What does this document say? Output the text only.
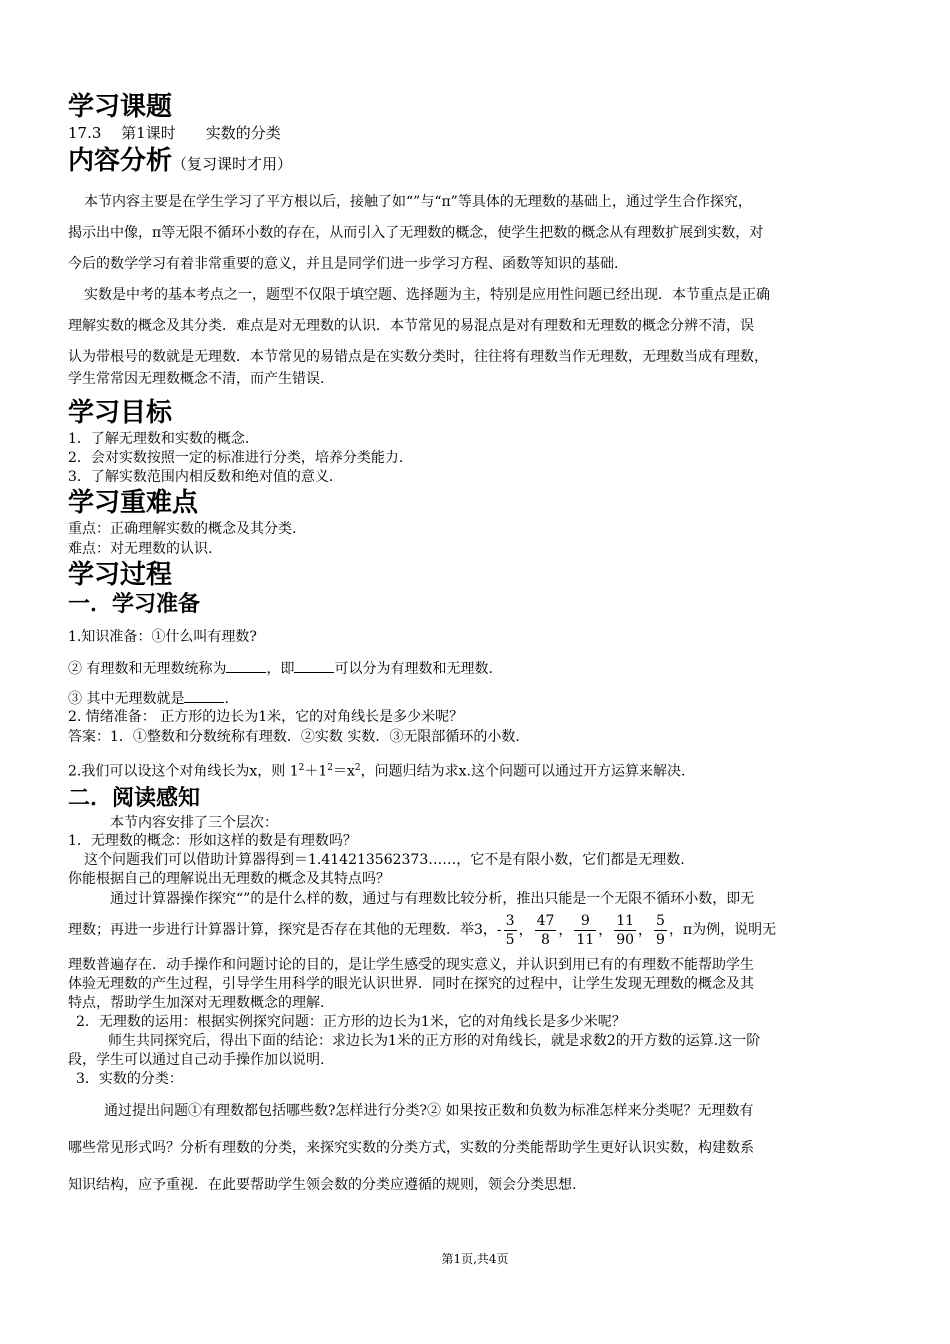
学习课题
17.3　 第1课时　　实数的分类
内容分析（复习课时才用）
本节内容主要是在学生学习了平方根以后，接触了如“”与“π”等具体的无理数的基础上，通过学生合作探究，
揭示出中像，π等无限不循环小数的存在，从而引入了无理数的概念，使学生把数的概念从有理数扩展到实数，对
今后的数学学习有着非常重要的意义，并且是同学们进一步学习方程、函数等知识的基础.
实数是中考的基本考点之一，题型不仅限于填空题、选择题为主，特别是应用性问题已经出现．本节重点是正确
理解实数的概念及其分类．难点是对无理数的认识．本节常见的易混点是对有理数和无理数的概念分辨不清，误
认为带根号的数就是无理数．本节常见的易错点是在实数分类时，往往将有理数当作无理数，无理数当成有理数，
学生常常因无理数概念不清，而产生错误.
学习目标
1．了解无理数和实数的概念.
2．会对实数按照一定的标准进行分类，培养分类能力.
3．了解实数范围内相反数和绝对值的意义.
学习重难点
重点：正确理解实数的概念及其分类.
难点：对无理数的认识.
学习过程
一．学习准备
1.知识准备：①什么叫有理数?
② 有理数和无理数统称为	，即	可以分为有理数和无理数.
③ 其中无理数就是	.
2. 情绪准备： 正方形的边长为1米，它的对角线长是多少米呢？
答案：1．①整数和分数统称有理数．②实数 实数．③无限部循环的小数.
2.我们可以设这个对角线长为x，则 $1^2+1^2=x^2$，问题归结为求x.这个问题可以通过开方运算来解决.
二．阅读感知
本节内容安排了三个层次：
1．无理数的概念：形如这样的数是有理数吗？
这个问题我们可以借助计算器得到＝1.414213562373……，它不是有限小数，它们都是无理数.
你能根据自己的理解说出无理数的概念及其特点吗？
通过计算器操作探究“”的是什么样的数，通过与有理数比较分析，推出只能是一个无限不循环小数，即无
理数；再进一步进行计算器计算，探究是否存在其他的无理数．举3，- $\frac{3}{5}$ ， $\frac{47}{8}$ ， $\frac{9}{11}$ ， $\frac{11}{90}$ ， $\frac{5}{9}$ ，π为例，说明无
理数普遍存在．动手操作和问题讨论的目的，是让学生感受的现实意义，并认识到用已有的有理数不能帮助学生
体验无理数的产生过程，引导学生用科学的眼光认识世界．同时在探究的过程中，让学生发现无理数的概念及其
特点，帮助学生加深对无理数概念的理解.
2．无理数的运用：根据实例探究问题：正方形的边长为1米，它的对角线长是多少米呢？
师生共同探究后，得出下面的结论：求边长为1米的正方形的对角线长，就是求数2的开方数的运算.这一阶
段，学生可以通过自己动手操作加以说明.
3．实数的分类：
通过提出问题①有理数都包括哪些数?怎样进行分类?② 如果按正数和负数为标准怎样来分类呢？无理数有
哪些常见形式吗？分析有理数的分类，来探究实数的分类方式，实数的分类能帮助学生更好认识实数，构建数系
知识结构，应予重视．在此要帮助学生领会数的分类应遵循的规则，领会分类思想.
第1页,共4页
